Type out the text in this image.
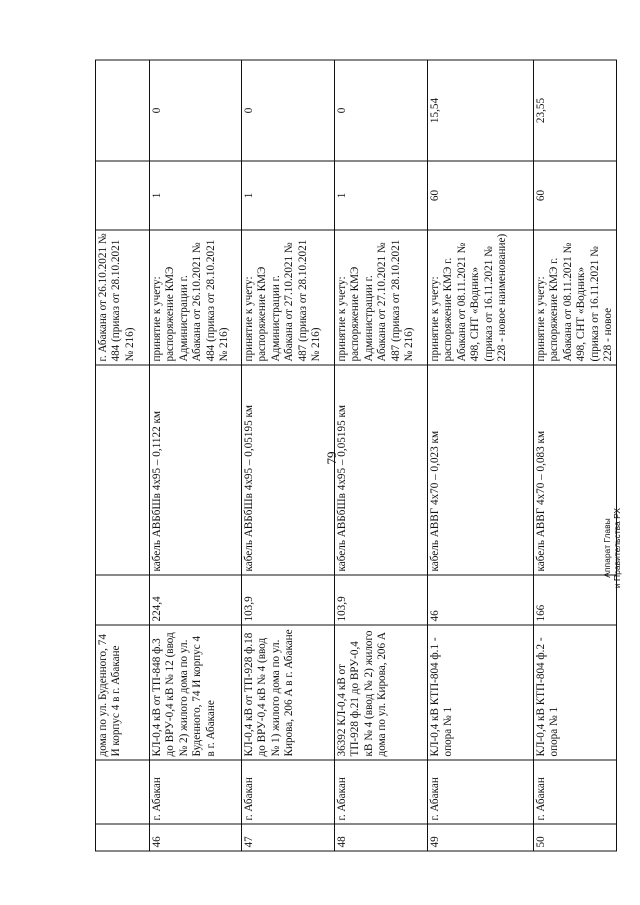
79
Аппарат Главы и Правительства РХ
		дома по ул. Буденного, 74 И корпус 4 в г. Абакане			г. Абакана от 26.10.2021 № 484 (приказ от 28.10.2021 № 216)		
46	г. Абакан	КЛ-0,4 кВ от ТП-848 ф.3 до ВРУ-0,4 кВ № 12 (ввод № 2) жилого дома по ул. Буденного, 74 И корпус 4 в г. Абакане	224,4	кабель АВБбШв 4х95 – 0,1122 км	принятие к учету: распоряжение КМЭ Администрации г. Абакана от 26.10.2021 № 484 (приказ от 28.10.2021 № 216)	1	0
47	г. Абакан	КЛ-0,4 кВ от ТП-928 ф.18 до ВРУ-0,4 кВ № 4 (ввод № 1) жилого дома по ул. Кирова, 206 А в г. Абакане	103,9	кабель АВБбШв 4х95 – 0,05195 км	принятие к учету: распоряжение КМЭ Администрации г. Абакана от 27.10.2021 № 487 (приказ от 28.10.2021 № 216)	1	0
48	г. Абакан	36392 КЛ-0,4 кВ от ТП-928 ф.21 до ВРУ-0,4 кВ № 4 (ввод № 2) жилого дома по ул. Кирова, 206 А	103,9	кабель АВБбШв 4х95 – 0,05195 км	принятие к учету: распоряжение КМЭ Администрации г. Абакана от 27.10.2021 № 487 (приказ от 28.10.2021 № 216)	1	0
49	г. Абакан	КЛ-0,4 кВ КТП-804 ф.1 - опора № 1	46	кабель АВВГ 4х70 – 0,023 км	принятие к учету: распоряжение КМЭ г. Абакана от 08.11.2021 № 498, СНТ «Водник» (приказ от 16.11.2021 № 228 - новое наименование)	60	15,54
50	г. Абакан	КЛ-0,4 кВ КТП-804 ф.2 - опора № 1	166	кабель АВВГ 4х70 – 0,083 км	принятие к учету: распоряжение КМЭ г. Абакана от 08.11.2021 № 498, СНТ «Водник» (приказ от 16.11.2021 № 228 - новое	60	23,55
